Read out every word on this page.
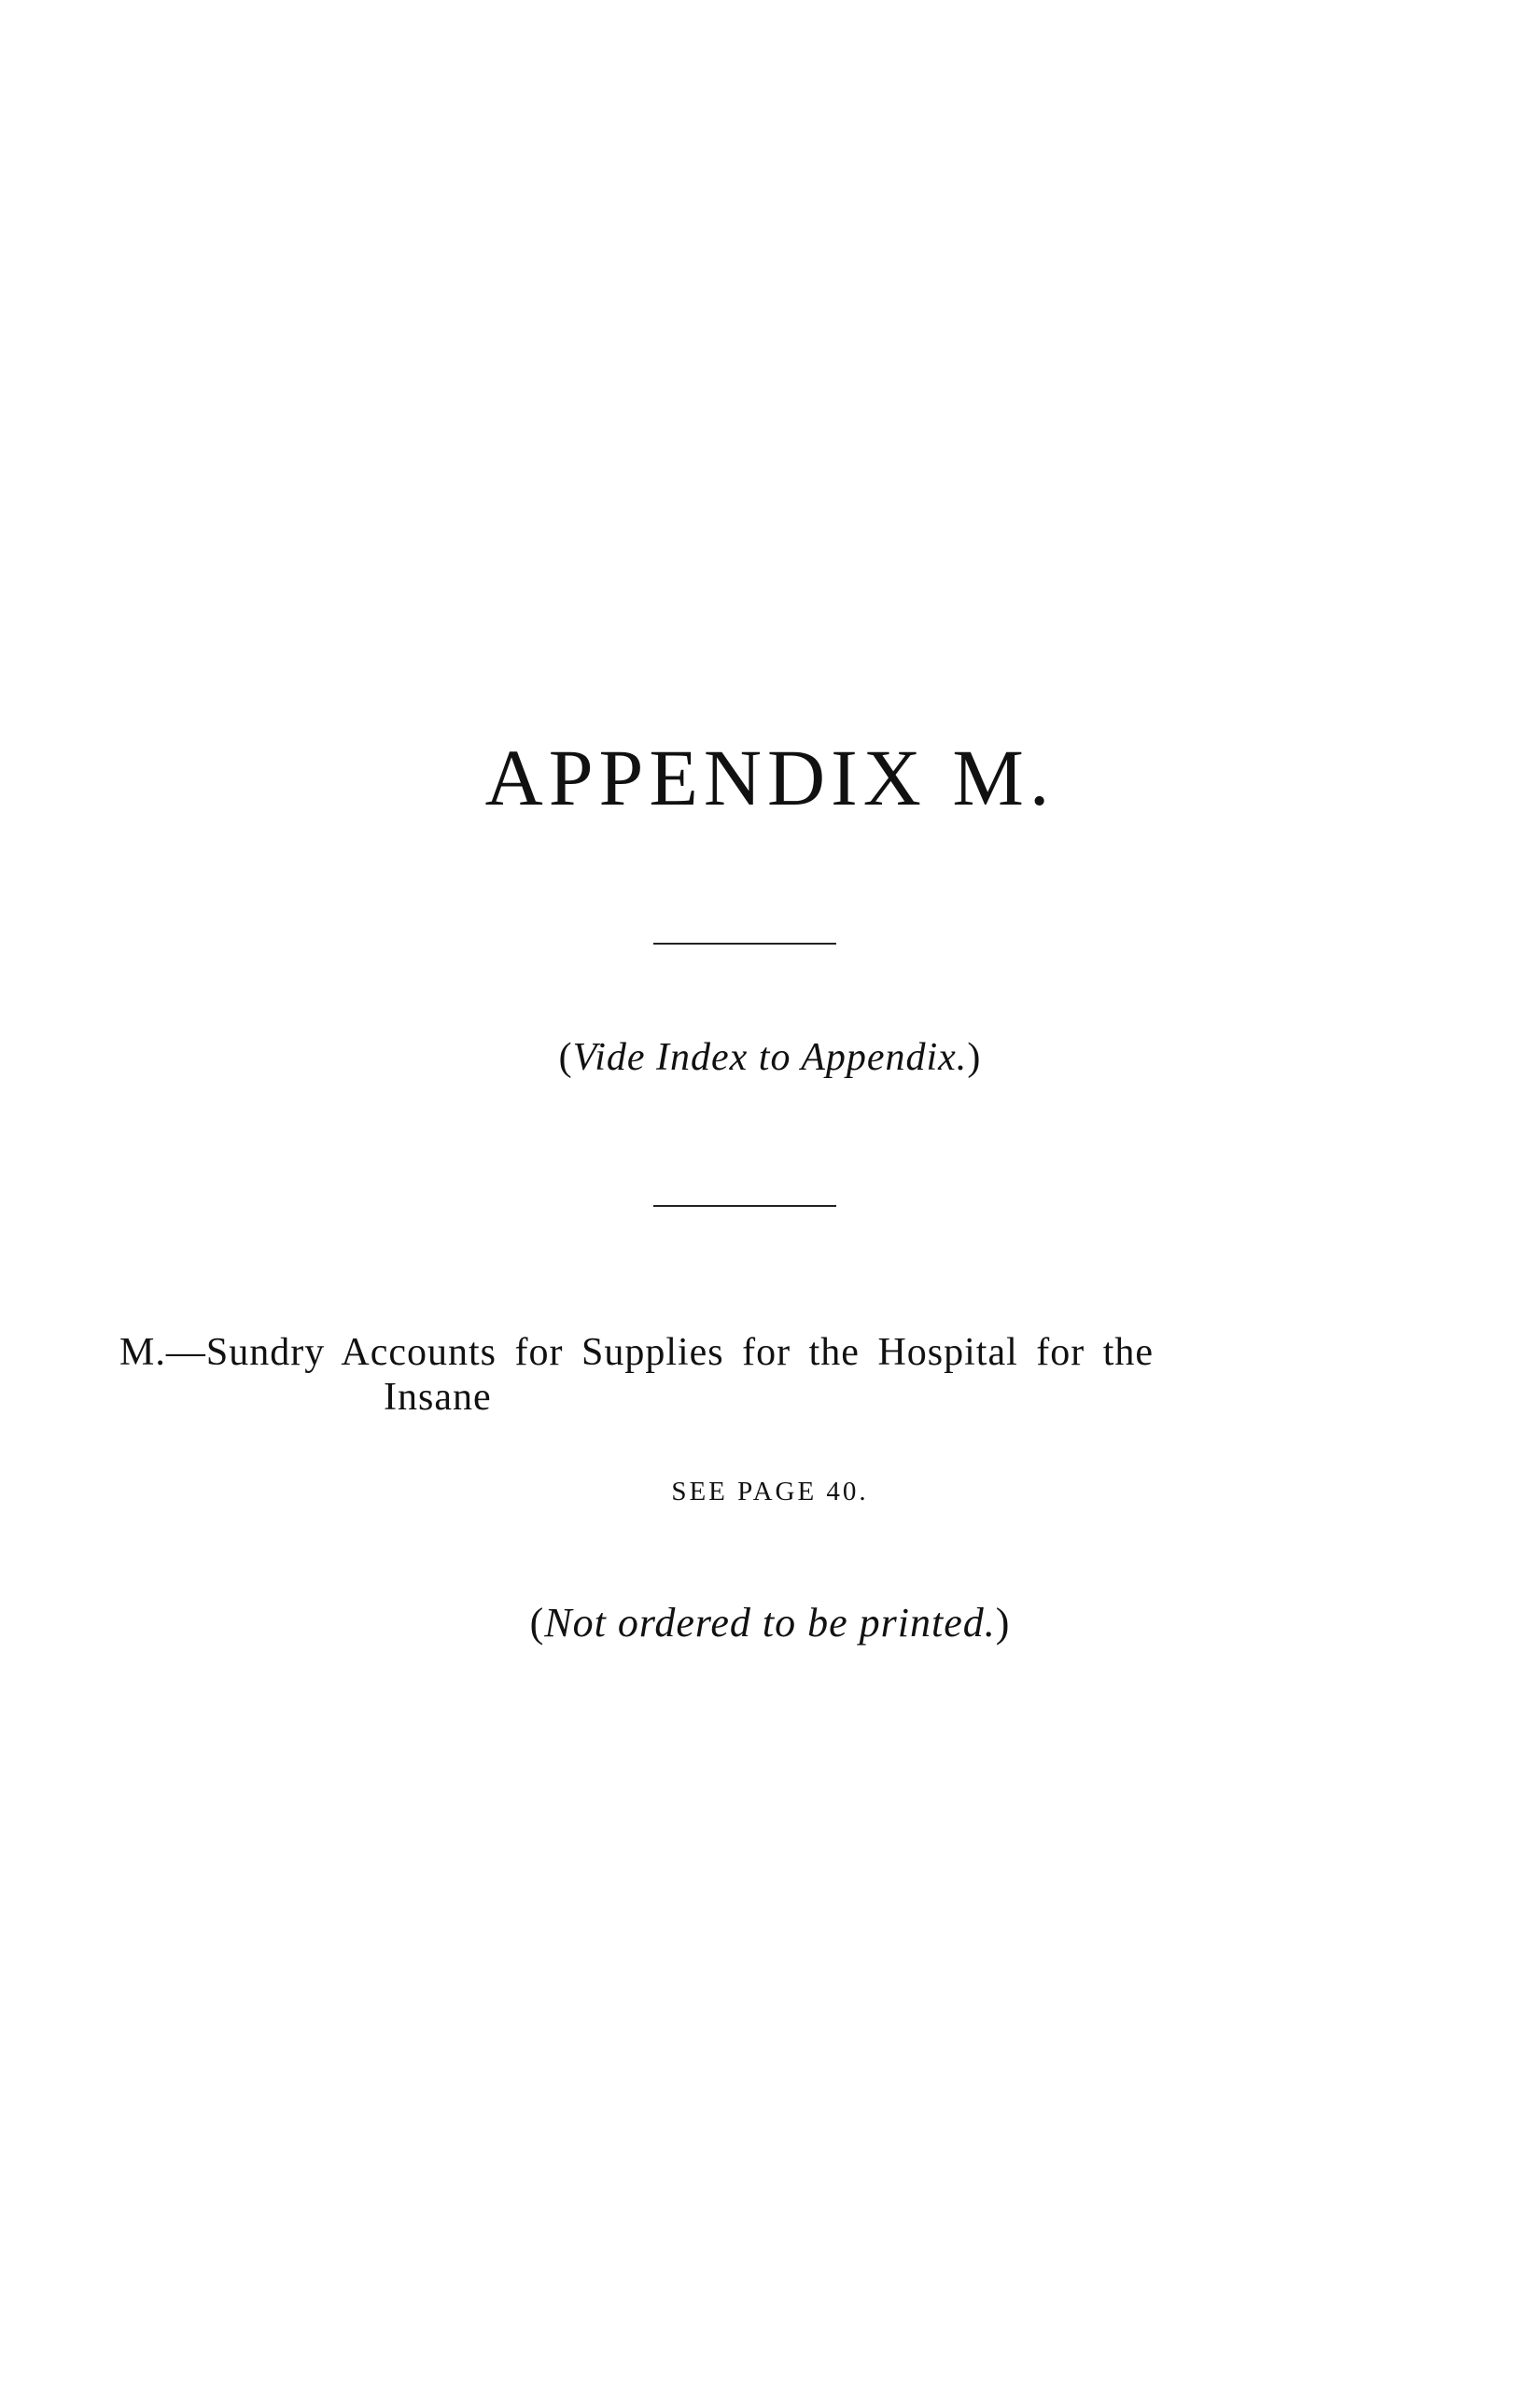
APPENDIX M.
(Vide Index to Appendix.)
M.—Sundry Accounts for Supplies for the Hospital for the
Insane
SEE PAGE 40.
(Not ordered to be printed.)
